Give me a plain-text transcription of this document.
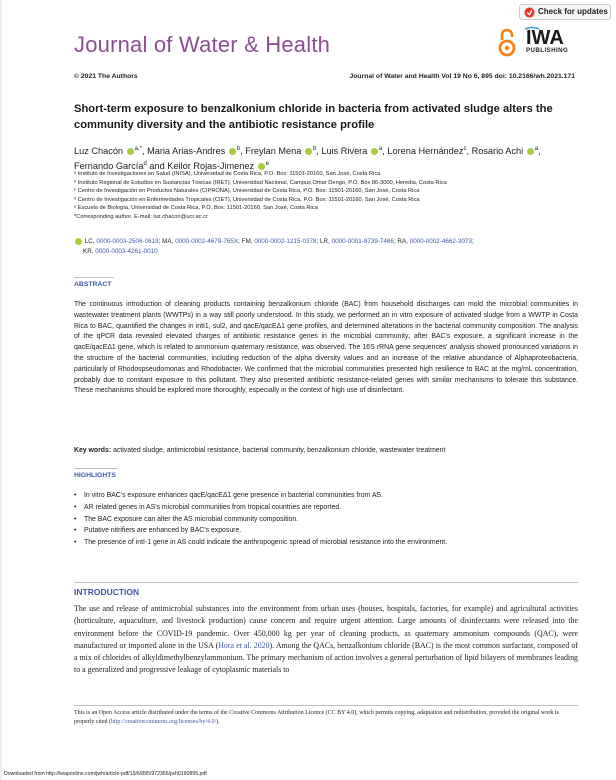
Check for updates
Journal of Water & Health	IWA
PUBLISHING
© 2021 The Authors	Journal of Water and Health Vol 19 No 6, 895 doi: 10.2166/wh.2021.171
Short-term exposure to benzalkonium chloride in bacteria from activated sludge alters the community diversity and the antibiotic resistance profile
Luz Chacón $^{a,*}$, Maria Arias-Andres $^b$, Freylan Mena $^b$, Luis Rivera $^a$, Lorena Hernández$^c$, Rosario Achi $^a$, Fernando García$^d$ and Keilor Rojas-Jimenez $^e$
ᵃ Instituto de Investigaciones en Salud (INISA), Universidad de Costa Rica, P.O. Box: 11501-20160, San José, Costa Rica
ᵇ Instituto Regional de Estudios en Sustancias Tóxicas (IRET), Universidad Nacional, Campus Omar Dengo, P.O. Box 86-3000, Heredia, Costa Rica
ᶜ Centro de Investigación en Productos Naturales (CIPRONA), Universidad de Costa Rica, P.O. Box: 11501-20160, San José, Costa Rica
ᵈ Centro de Investigación en Enfermedades Tropicales (CIET), Universidad de Costa Rica, P.O. Box: 11501-20160, San José, Costa Rica
ᵉ Escuela de Biología, Universidad de Costa Rica, P.O. Box: 11501-20160, San José, Costa Rica
*Corresponding author. E-mail: luz.chacon@ucr.ac.cr
LC, 0000-0003-2506-0619; MA, 0000-0002-4678-765X; FM, 0000-0002-1215-0378; LR, 0000-0001-8739-7466; RA, 0000-0002-4662-3073;
KR, 0000-0003-4261-0010
ABSTRACT
The continuous introduction of cleaning products containing benzalkonium chloride (BAC) from household discharges can mold the microbial communities in wastewater treatment plants (WWTPs) in a way still poorly understood. In this study, we performed an in vitro exposure of activated sludge from a WWTP in Costa Rica to BAC, quantified the changes in intI1, sul2, and qacE/qacEΔ1 gene profiles, and determined alterations in the bacterial community composition. The analysis of the qPCR data revealed elevated charges of antibiotic resistance genes in the microbial community; after BAC's exposure, a significant increase in the qacE/qacEΔ1 gene, which is related to ammonium quaternary resistance, was observed. The 16S rRNA gene sequences' analysis showed pronounced variations in the structure of the bacterial communities, including reduction of the alpha diversity values and an increase of the relative abundance of Alphaproteobacteria, particularly of Rhodospseudomonas and Rhodobacter. We confirmed that the microbial communities presented high resilience to BAC at the mg/mL concentration, probably due to constant exposure to this pollutant. They also presented antibiotic resistance-related genes with similar mechanisms to tolerate this substance. These mechanisms should be explored more thoroughly, especially in the context of high use of disinfectant.
Key words: activated sludge, antimicrobial resistance, bacterial community, benzalkonium chloride, wastewater treatment
HIGHLIGHTS
• In vitro BAC's exposure enhances qacE/qacEΔ1 gene presence in bacterial communities from AS.
• AR related genes in AS's microbial communities from tropical countries are reported.
• The BAC exposure can alter the AS microbial community composition.
• Putative nitrifiers are enhanced by BAC's exposure.
• The presence of intI-1 gene in AS could indicate the anthropogenic spread of microbial resistance into the environment.
INTRODUCTION
The use and release of antimicrobial substances into the environment from urban uses (houses, hospitals, factories, for example) and agricultural activities (horticulture, aquaculture, and livestock production) cause concern and require urgent attention. Large amounts of disinfectants were released into the environment before the COVID-19 pandemic. Over 450,000 kg per year of cleaning products, as quaternary ammonium compounds (QAC), were manufactured or imported alone in the USA (Hora et al. 2020). Among the QACs, benzalkonium chloride (BAC) is the most common surfactant, composed of a mix of chlorides of alkyldimethylbenzylammonium. The primary mechanism of action involves a general perturbation of lipid bilayers of membranes leading to a generalized and progressive leakage of cytoplasmic materials to
This is an Open Access article distributed under the terms of the Creative Commons Attribution Licence (CC BY 4.0), which permits copying, adaptation and redistribution, provided the original work is properly cited (http://creativecommons.org/licenses/by/4.0/).
Downloaded from http://iwaponline.com/jwh/article-pdf/19/6/895/972366/jwh0190895.pdf
